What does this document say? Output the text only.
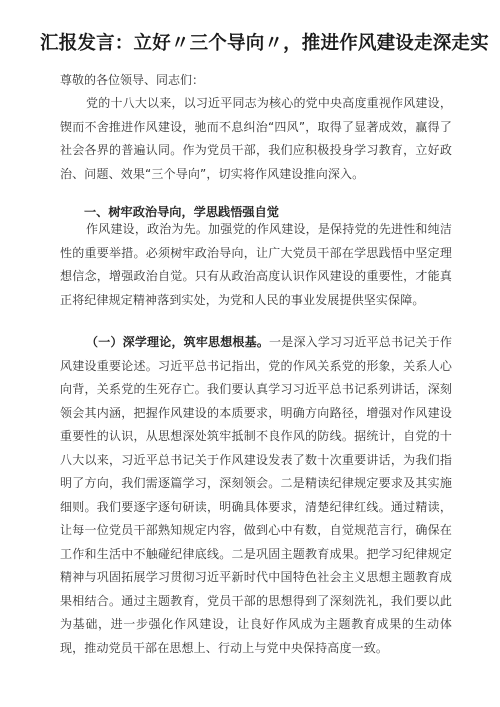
汇报发言：立好〃三个导向〃，推进作风建设走深走实
尊敬的各位领导、同志们：
党的十八大以来，以习近平同志为核心的党中央高度重视作风建设，锲而不舍推进作风建设，驰而不息纠治“四风”，取得了显著成效，赢得了社会各界的普遍认同。作为党员干部，我们应积极投身学习教育，立好政治、问题、效果“三个导向”，切实将作风建设推向深入。
一、树牢政治导向，学思践悟强自觉
作风建设，政治为先。加强党的作风建设，是保持党的先进性和纯洁性的重要举措。必须树牢政治导向，让广大党员干部在学思践悟中坚定理想信念，增强政治自觉。只有从政治高度认识作风建设的重要性，才能真正将纪律规定精神落到实处，为党和人民的事业发展提供坚实保障。
（一）深学理论，筑牢思想根基。一是深入学习习近平总书记关于作风建设重要论述。习近平总书记指出，党的作风关系党的形象，关系人心向背，关系党的生死存亡。我们要认真学习习近平总书记系列讲话，深刻领会其内涵，把握作风建设的本质要求，明确方向路径，增强对作风建设重要性的认识，从思想深处筑牢抵制不良作风的防线。据统计，自党的十八大以来，习近平总书记关于作风建设发表了数十次重要讲话，为我们指明了方向，我们需逐篇学习，深刻领会。二是精读纪律规定要求及其实施细则。我们要逐字逐句研读，明确具体要求，清楚纪律红线。通过精读，让每一位党员干部熟知规定内容，做到心中有数，自觉规范言行，确保在工作和生活中不触碰纪律底线。二是巩固主题教育成果。把学习纪律规定精神与巩固拓展学习贯彻习近平新时代中国特色社会主义思想主题教育成果相结合。通过主题教育，党员干部的思想得到了深刻洗礼，我们要以此为基础，进一步强化作风建设，让良好作风成为主题教育成果的生动体现，推动党员干部在思想上、行动上与党中央保持高度一致。
